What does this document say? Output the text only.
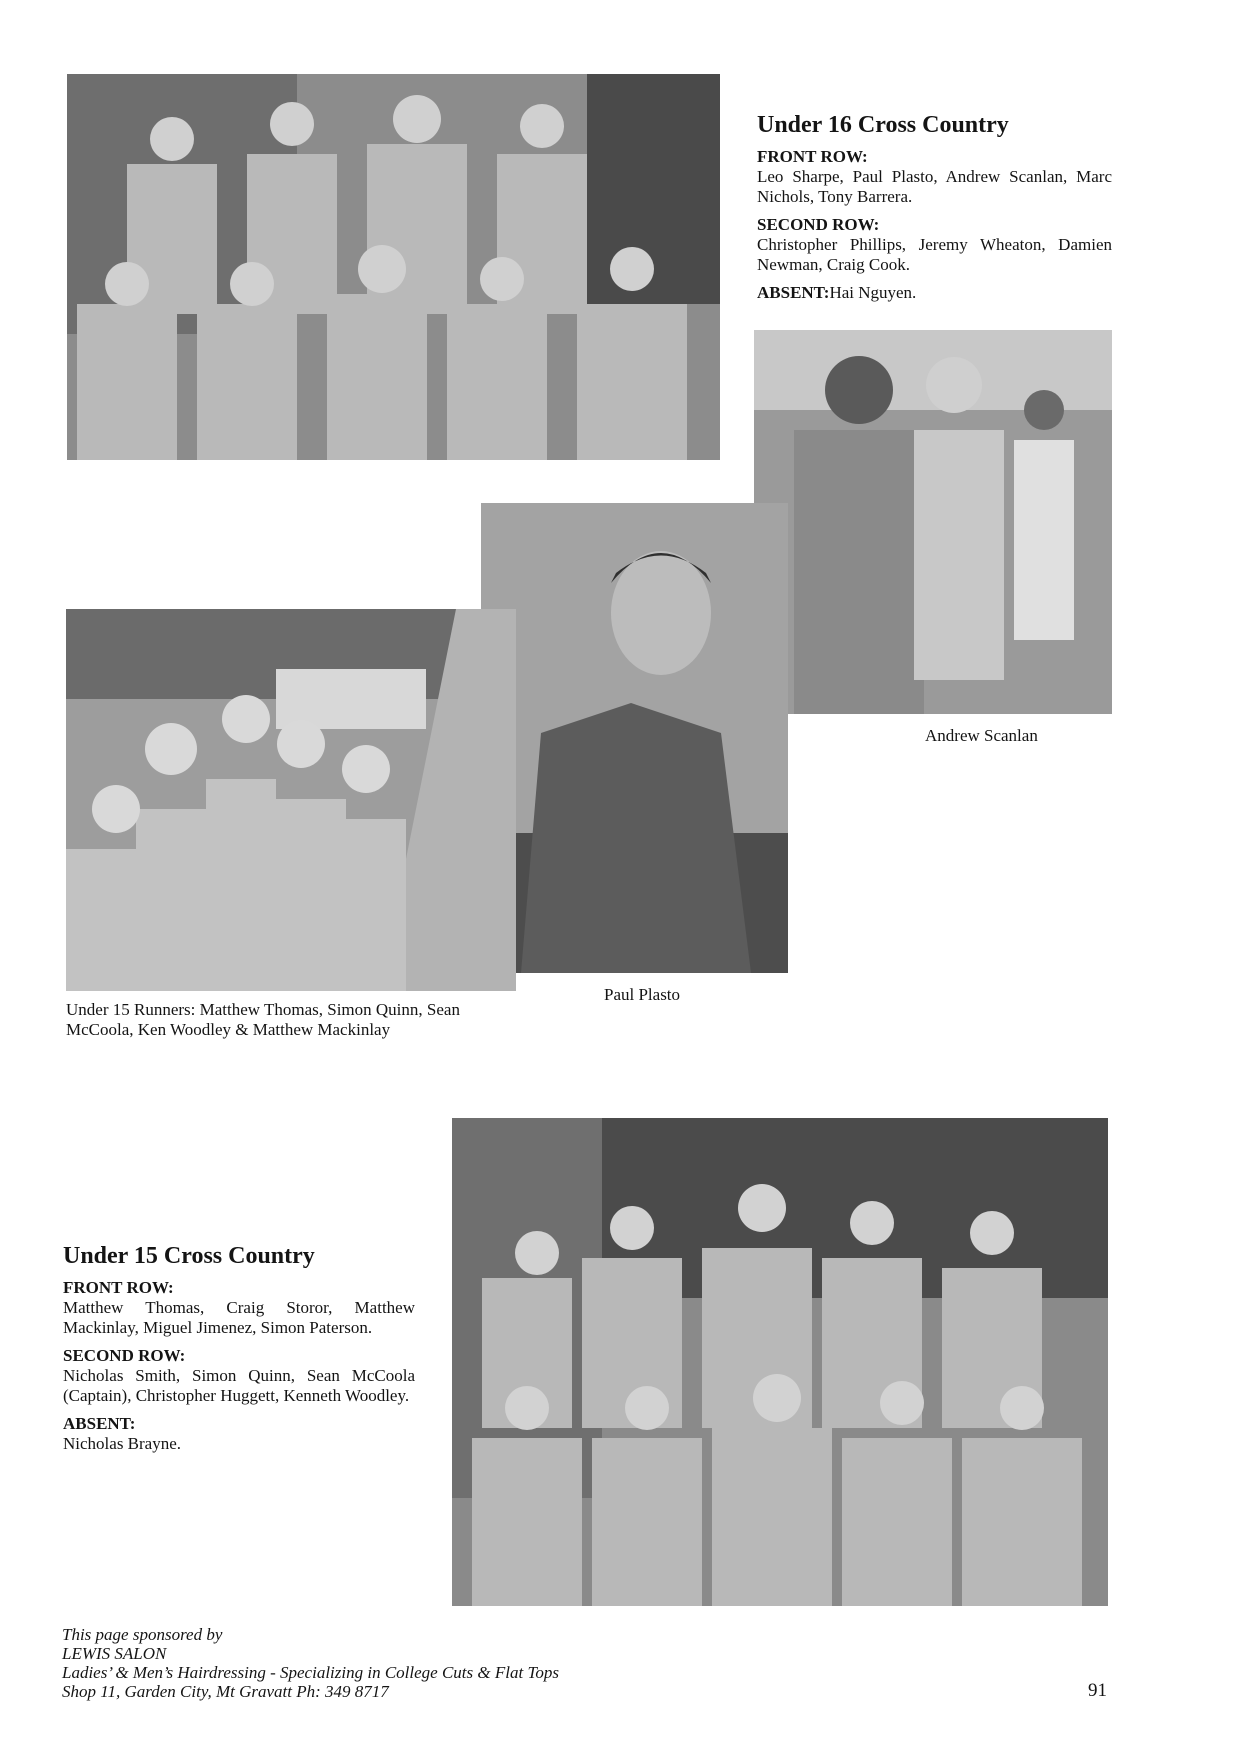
Under 16 Cross Country
FRONT ROW:
Leo Sharpe, Paul Plasto, Andrew Scanlan, Marc Nichols, Tony Barrera.
SECOND ROW:
Christopher Phillips, Jeremy Wheaton, Damien Newman, Craig Cook.
ABSENT:Hai Nguyen.
Andrew Scanlan
Paul Plasto
Under 15 Runners: Matthew Thomas, Simon Quinn, Sean McCoola, Ken Woodley & Matthew Mackinlay
Under 15 Cross Country
FRONT ROW:
Matthew Thomas, Craig Storor, Matthew Mackinlay, Miguel Jimenez, Simon Paterson.
SECOND ROW:
Nicholas Smith, Simon Quinn, Sean McCoola (Captain), Christopher Huggett, Kenneth Woodley.
ABSENT:
Nicholas Brayne.
This page sponsored by
LEWIS SALON
Ladies’ & Men’s Hairdressing - Specializing in College Cuts & Flat Tops
Shop 11, Garden City, Mt Gravatt Ph: 349 8717	91
